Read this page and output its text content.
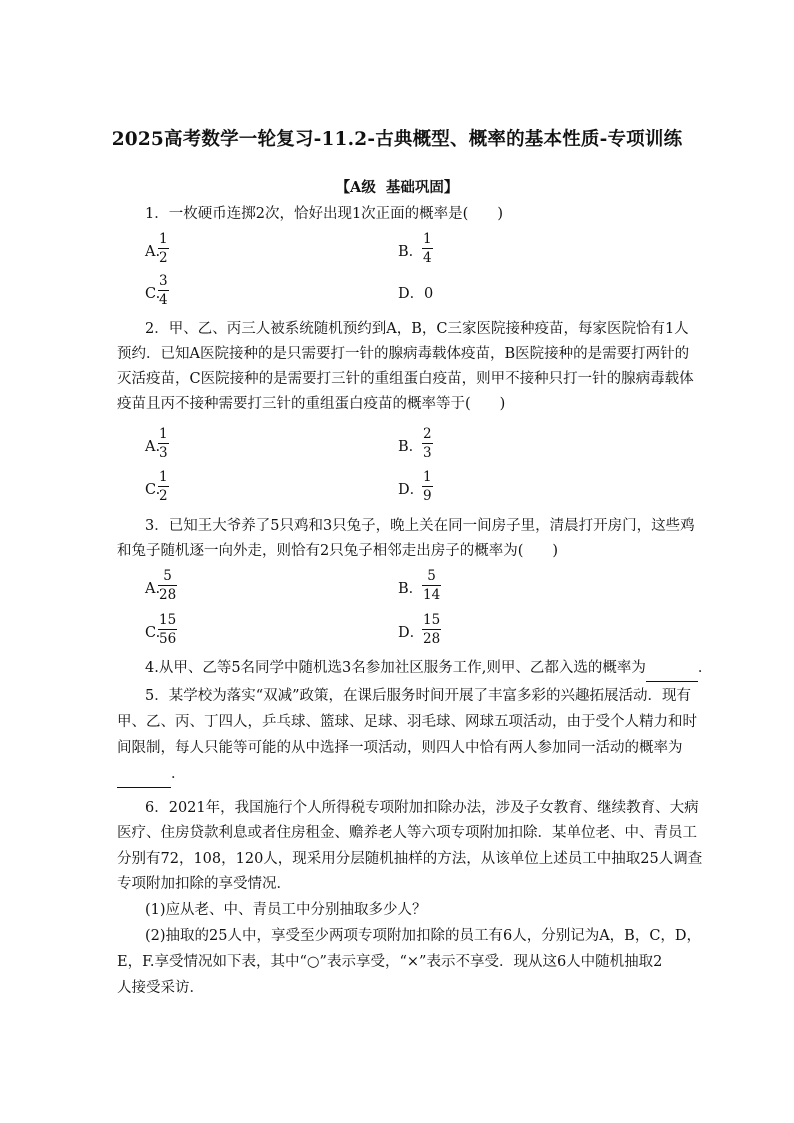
2025高考数学一轮复习-11.2-古典概型、概率的基本性质-专项训练
【A级  基础巩固】
1．一枚硬币连掷2次，恰好出现1次正面的概率是(　　)
A.
1
2	B．
1
4
C.
3
4	D． 0
2．甲、乙、丙三人被系统随机预约到A，B，C三家医院接种疫苗，每家医院恰有1人
预约．已知A医院接种的是只需要打一针的腺病毒载体疫苗，B医院接种的是需要打两针的
灭活疫苗，C医院接种的是需要打三针的重组蛋白疫苗，则甲不接种只打一针的腺病毒载体
疫苗且丙不接种需要打三针的重组蛋白疫苗的概率等于(　　)
A.
1
3	B．
2
3
C.
1
2	D．
1
9
3．已知王大爷养了5只鸡和3只兔子，晚上关在同一间房子里，清晨打开房门，这些鸡
和兔子随机逐一向外走，则恰有2只兔子相邻走出房子的概率为(　　)
A.
5
28	B．
5
14
C.
15
56	D．
15
28
4.从甲、乙等5名同学中随机选3名参加社区服务工作,则甲、乙都入选的概率为	．
5．某学校为落实“双减”政策，在课后服务时间开展了丰富多彩的兴趣拓展活动．现有
甲、乙、丙、丁四人，乒乓球、篮球、足球、羽毛球、网球五项活动，由于受个人精力和时
间限制，每人只能等可能的从中选择一项活动，则四人中恰有两人参加同一活动的概率为
．
6．2021年，我国施行个人所得税专项附加扣除办法，涉及子女教育、继续教育、大病
医疗、住房贷款利息或者住房租金、赡养老人等六项专项附加扣除．某单位老、中、青员工
分别有72，108，120人，现采用分层随机抽样的方法，从该单位上述员工中抽取25人调查
专项附加扣除的享受情况．
(1)应从老、中、青员工中分别抽取多少人？
(2)抽取的25人中，享受至少两项专项附加扣除的员工有6人，分别记为A，B，C，D，
E，F.享受情况如下表，其中“○”表示享受，“×”表示不享受．现从这6人中随机抽取2
人接受采访．
